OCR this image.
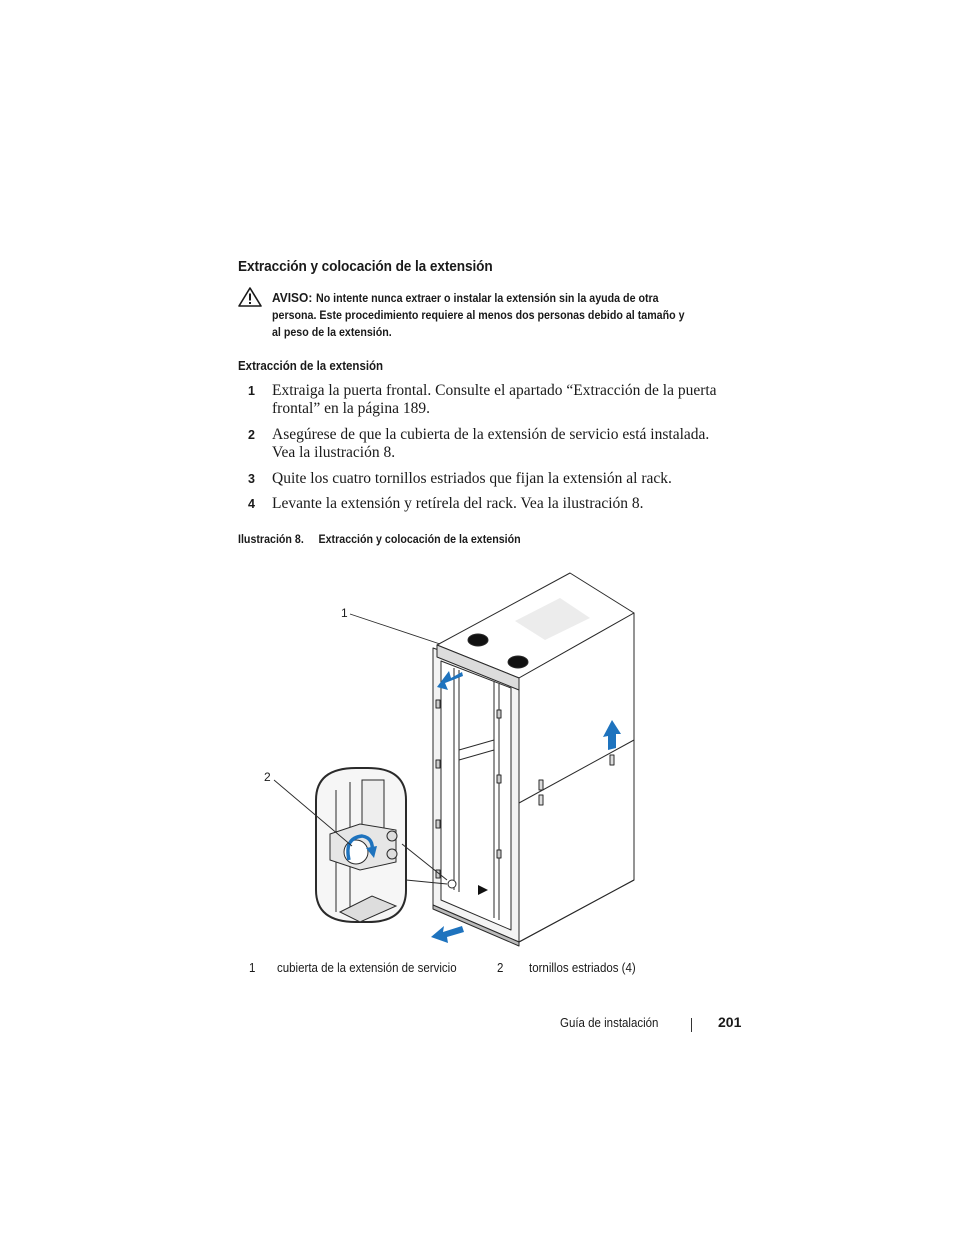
Extracción y colocación de la extensión
AVISO: No intente nunca extraer o instalar la extensión sin la ayuda de otra

persona. Este procedimiento requiere al menos dos personas debido al tamaño y
al peso de la extensión.
Extracción de la extensión
1 Extraiga la puerta frontal. Consulte el apartado “Extracción de la puerta
frontal” en la página 189.
2 Asegúrese de que la cubierta de la extensión de servicio está instalada.
Vea la ilustración 8.
3 Quite los cuatro tornillos estriados que fijan la extensión al rack.
4 Levante la extensión y retírela del rack. Vea la ilustración 8.
Ilustración 8. Extracción y colocación de la extensión
1
2
1 cubierta de la extensión de servicio	2 tornillos estriados (4)
Guía de instalación	201
